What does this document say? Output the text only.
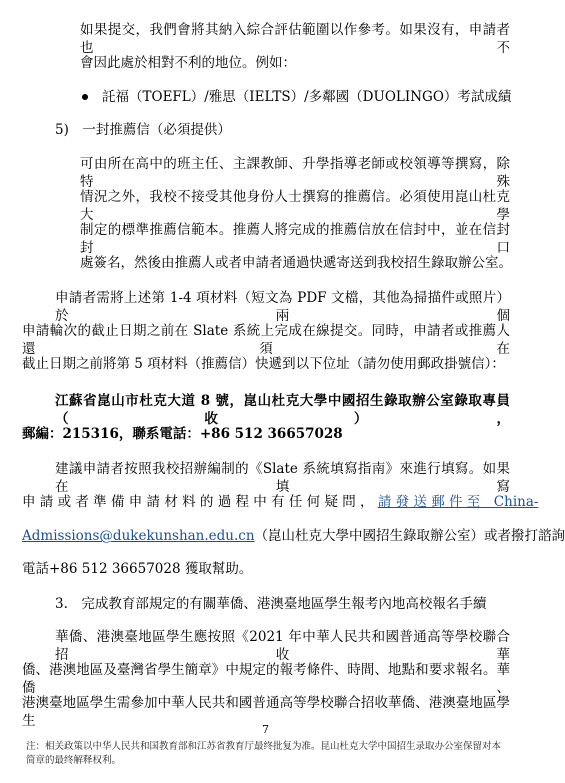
如果提交，我們會將其納入綜合評估範圍以作參考。如果沒有，申請者也不
會因此處於相對不利的地位。例如：
託福（TOEFL）/雅思（IELTS）/多鄰國（DUOLINGO）考試成績
5)　一封推薦信（必須提供）
可由所在高中的班主任、主課教師、升學指導老師或校領導等撰寫，除特殊
情況之外，我校不接受其他身份人士撰寫的推薦信。必須使用崑山杜克大學
制定的標準推薦信範本。推薦人將完成的推薦信放在信封中，並在信封封口
處簽名，然後由推薦人或者申請者通過快遞寄送到我校招生錄取辦公室。
申請者需將上述第 1-4 項材料（短文為 PDF 文檔，其他為掃描件或照片）於兩個
申請輪次的截止日期之前在 Slate 系統上完成在線提交。同時，申請者或推薦人還須在
截止日期之前將第 5 項材料（推薦信）快遞到以下位址（請勿使用郵政掛號信）：
江蘇省崑山市杜克大道 8 號，崑山杜克大學中國招生錄取辦公室錄取專員（收），
郵編：215316，聯系電話：+86 512 36657028
建議申請者按照我校招辦編制的《Slate 系統填寫指南》來進行填寫。如果在填寫
申 請 或 者 準 備 申 請 材 料 的 過 程 中 有 任 何 疑 問 ， 請 發 送 郵 件 至　China-
Admissions@dukekunshan.edu.cn（崑山杜克大學中國招生錄取辦公室）或者撥打諮詢
電話+86 512 36657028 獲取幫助。
3.　完成教育部規定的有關華僑、港澳臺地區學生報考內地高校報名手續
華僑、港澳臺地區學生應按照《2021 年中華人民共和國普通高等學校聯合招收華
僑、港澳地區及臺灣省學生簡章》中規定的報考條件、時間、地點和要求報名。華僑、
港澳臺地區學生需參加中華人民共和國普通高等學校聯合招收華僑、港澳臺地區學生
7
注：相关政策以中华人民共和国教育部和江苏省教育厅最终批复为准。昆山杜克大学中国招生录取办公室保留对本简章的最终解释权利。
